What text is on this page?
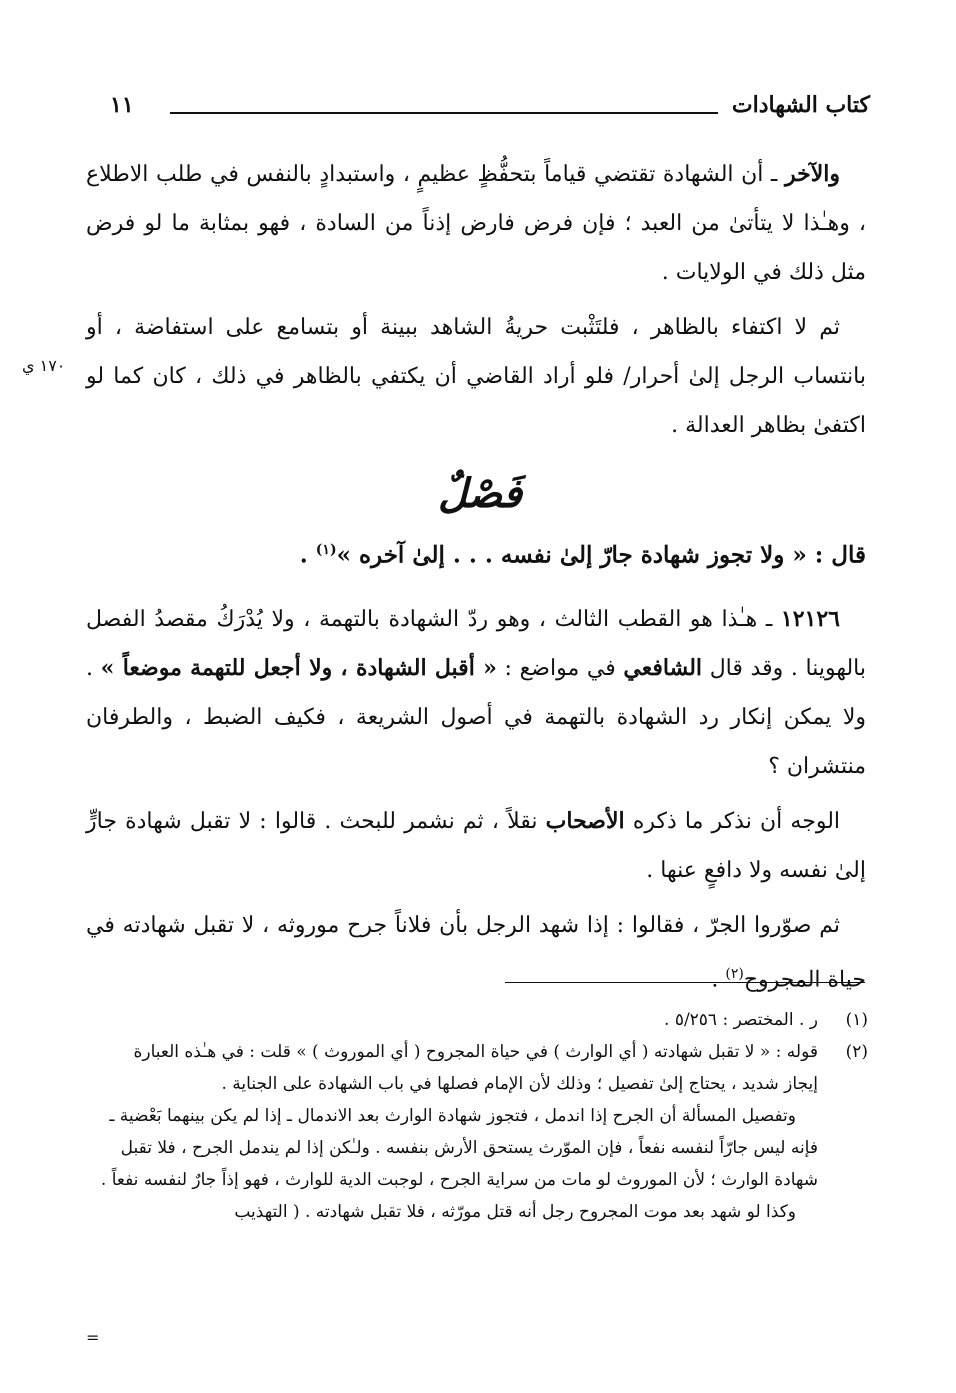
كتاب الشهادات
١١

والآخر ـ أن الشهادة تقتضي قياماً بتحفُّظٍ عظيمٍ ، واستبدادٍ بالنفس في طلب الاطلاع ، وهـٰذا لا يتأتىٰ من العبد ؛ فإن فرض فارض إذناً من السادة ، فهو بمثابة ما لو فرض مثل ذلك في الولايات .

ثم لا اكتفاء بالظاهر ، فلتَثْبت حريةُ الشاهد ببينة أو بتسامع على استفاضة ، أو بانتساب الرجل إلىٰ أحرار/ فلو أراد القاضي أن يكتفي بالظاهر في ذلك ، كان كما لو اكتفىٰ بظاهر العدالة .

١٧٠ ي
فَصْلٌ
قال : « ولا تجوز شهادة جارّ إلىٰ نفسه . . . إلىٰ آخره »$^{(١)}$ .

١٢١٢٦ ـ هـٰذا هو القطب الثالث ، وهو ردّ الشهادة بالتهمة ، ولا يُدْرَكُ مقصدُ الفصل بالهوينا . وقد قال الشافعي في مواضع : « أقبل الشهادة ، ولا أجعل للتهمة موضعاً » . ولا يمكن إنكار رد الشهادة بالتهمة في أصول الشريعة ، فكيف الضبط ، والطرفان منتشران ؟

الوجه أن نذكر ما ذكره الأصحاب نقلاً ، ثم نشمر للبحث . قالوا : لا تقبل شهادة جارٍّ إلىٰ نفسه ولا دافعٍ عنها .

ثم صوّروا الجرّ ، فقالوا : إذا شهد الرجل بأن فلاناً جرح موروثه ، لا تقبل شهادته في حياة المجروح$^{(٢)}$ .

(١)
ر . المختصر : ٥/٢٥٦ .

(٢)
قوله : « لا تقبل شهادته ( أي الوارث ) في حياة المجروح ( أي الموروث ) » قلت : في هـٰذه العبارة إيجاز شديد ، يحتاج إلىٰ تفصيل ؛ وذلك لأن الإمام فصلها في باب الشهادة على الجناية .

وتفصيل المسألة أن الجرح إذا اندمل ، فتجوز شهادة الوارث بعد الاندمال ـ إذا لم يكن بينهما بَعْضية ـ فإنه ليس جارّاً لنفسه نفعاً ، فإن الموّرث يستحق الأرش بنفسه . ولـٰكن إذا لم يندمل الجرح ، فلا تقبل شهادة الوارث ؛ لأن الموروث لو مات من سراية الجرح ، لوجبت الدية للوارث ، فهو إذاً جارٌ لنفسه نفعاً .

وكذا لو شهد بعد موت المجروح رجل أنه قتل مورّثه ، فلا تقبل شهادته . ( التهذيب

=
